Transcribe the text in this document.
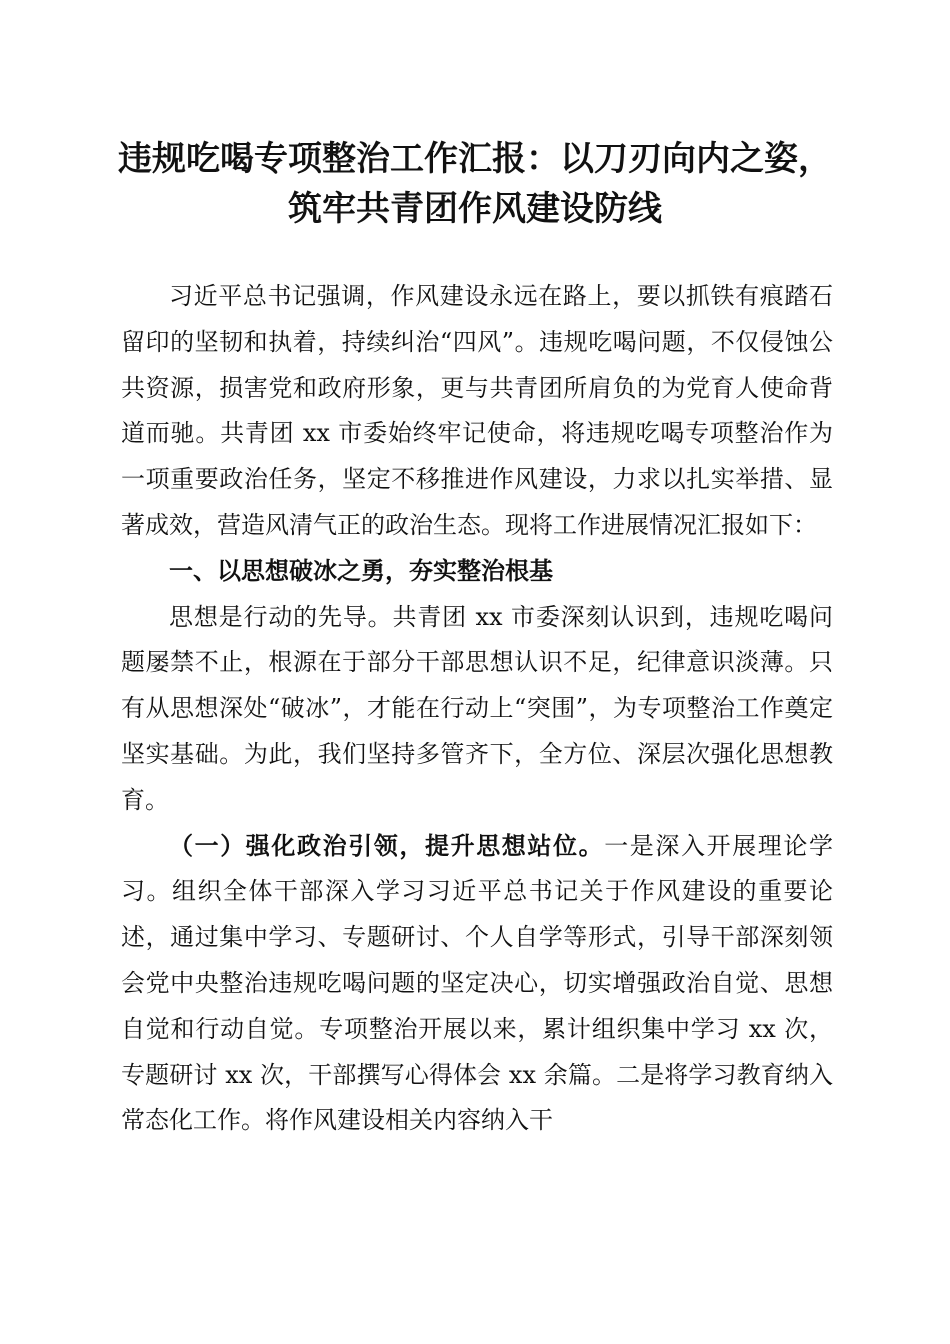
违规吃喝专项整治工作汇报：以刀刃向内之姿，
筑牢共青团作风建设防线

习近平总书记强调，作风建设永远在路上，要以抓铁有痕踏石留印的坚韧和执着，持续纠治“四风”。违规吃喝问题，不仅侵蚀公共资源，损害党和政府形象，更与共青团所肩负的为党育人使命背道而驰。共青团 xx 市委始终牢记使命，将违规吃喝专项整治作为一项重要政治任务，坚定不移推进作风建设，力求以扎实举措、显著成效，营造风清气正的政治生态。现将工作进展情况汇报如下：

一、以思想破冰之勇，夯实整治根基

思想是行动的先导。共青团 xx 市委深刻认识到，违规吃喝问题屡禁不止，根源在于部分干部思想认识不足，纪律意识淡薄。只有从思想深处“破冰”，才能在行动上“突围”，为专项整治工作奠定坚实基础。为此，我们坚持多管齐下，全方位、深层次强化思想教育。

（一）强化政治引领，提升思想站位。一是深入开展理论学习。组织全体干部深入学习习近平总书记关于作风建设的重要论述，通过集中学习、专题研讨、个人自学等形式，引导干部深刻领会党中央整治违规吃喝问题的坚定决心，切实增强政治自觉、思想自觉和行动自觉。专项整治开展以来，累计组织集中学习 xx 次，专题研讨 xx 次，干部撰写心得体会 xx 余篇。二是将学习教育纳入常态化工作。将作风建设相关内容纳入干
